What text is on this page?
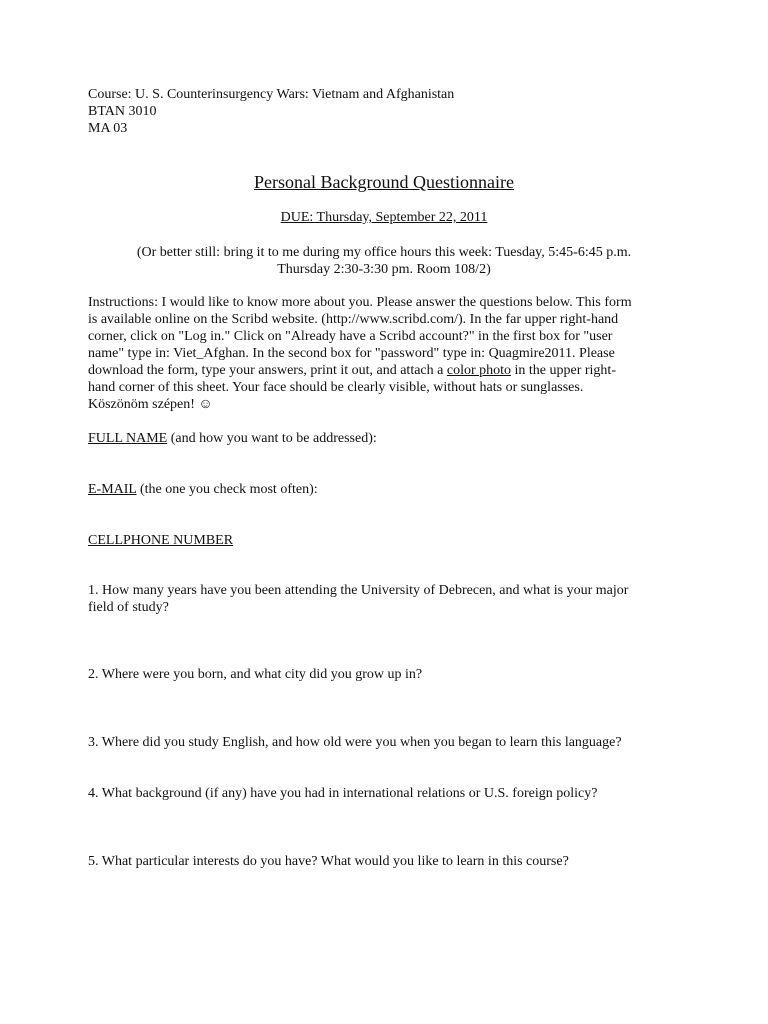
Course: U. S. Counterinsurgency Wars: Vietnam and Afghanistan
BTAN 3010
MA 03
Personal Background Questionnaire
DUE: Thursday, September 22, 2011
(Or better still: bring it to me during my office hours this week: Tuesday, 5:45-6:45 p.m.
Thursday 2:30-3:30 pm. Room 108/2)
Instructions: I would like to know more about you. Please answer the questions below. This form
is available online on the Scribd website. (http://www.scribd.com/). In the far upper right-hand
corner, click on "Log in." Click on "Already have a Scribd account?" in the first box for "user
name" type in: Viet_Afghan. In the second box for "password" type in: Quagmire2011. Please
download the form, type your answers, print it out, and attach a color photo in the upper right-
hand corner of this sheet. Your face should be clearly visible, without hats or sunglasses.
Köszönöm szépen! ☺
FULL NAME (and how you want to be addressed):
E-MAIL (the one you check most often):
CELLPHONE NUMBER
1. How many years have you been attending the University of Debrecen, and what is your major
field of study?
2. Where were you born, and what city did you grow up in?
3. Where did you study English, and how old were you when you began to learn this language?
4. What background (if any) have you had in international relations or U.S. foreign policy?
5. What particular interests do you have? What would you like to learn in this course?
